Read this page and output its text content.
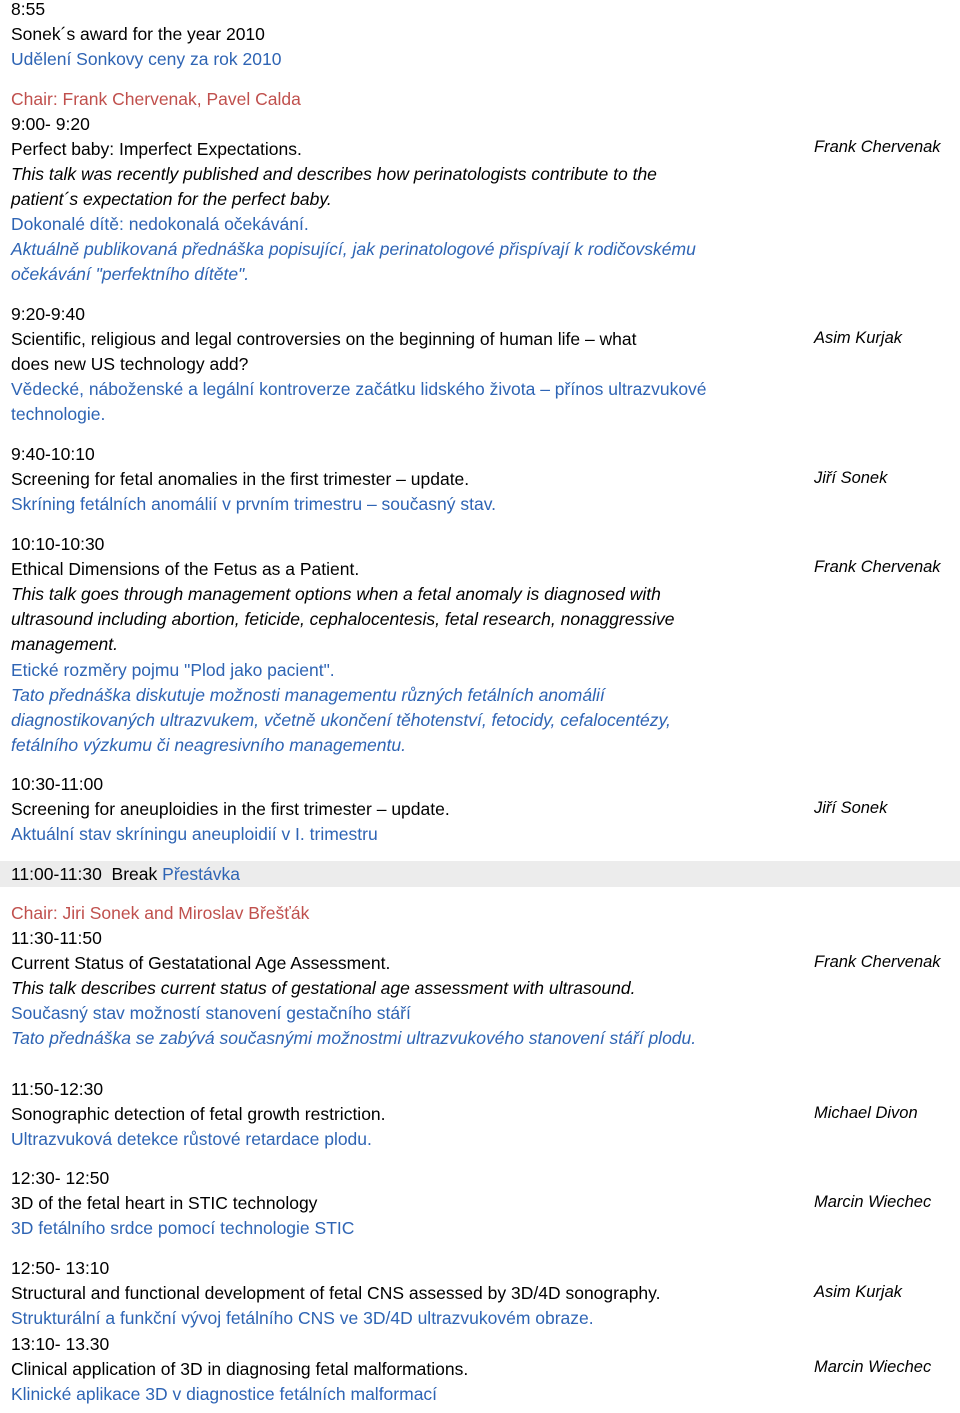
8:55
Sonek´s award for the year 2010
Udělení Sonkovy ceny za rok 2010
Chair: Frank Chervenak, Pavel Calda
9:00- 9:20
Perfect baby: Imperfect Expectations.
This talk was recently published and describes how perinatologists contribute to the
patient´s expectation for the perfect baby.
Dokonalé dítě: nedokonalá očekávání.
Aktuálně publikovaná přednáška popisující, jak perinatologové přispívají k rodičovskému
očekávání "perfektního dítěte".
Frank Chervenak
9:20-9:40
Scientific, religious and legal controversies on the beginning of human life – what
does new US technology add?
Vědecké, náboženské a legální kontroverze začátku lidského života – přínos ultrazvukové
technologie.
Asim Kurjak
9:40-10:10
Screening for fetal anomalies in the first trimester – update.
Skríning fetálních anomálií v prvním trimestru – současný stav.
Jiří Sonek
10:10-10:30
Ethical Dimensions of the Fetus as a Patient.
This talk goes through management options when a fetal anomaly is diagnosed with
ultrasound including abortion, feticide, cephalocentesis, fetal research, nonaggressive
management.
Etické rozměry pojmu "Plod jako pacient".
Tato přednáška diskutuje možnosti managementu různých fetálních anomálií
diagnostikovaných ultrazvukem, včetně ukončení těhotenství, fetocidy, cefalocentézy,
fetálního výzkumu či neagresivního managementu.
Frank Chervenak
10:30-11:00
Screening for aneuploidies in the first trimester – update.
Aktuální stav skríningu aneuploidií v I. trimestru
Jiří Sonek
11:00-11:30  Break Přestávka
Chair: Jiri Sonek and Miroslav Břešťák
11:30-11:50
Current Status of Gestatational Age Assessment.
This talk describes current status of gestational age assessment with ultrasound.
Současný stav možností stanovení gestačního stáří
Tato přednáška se zabývá současnými možnostmi ultrazvukového stanovení stáří plodu.
Frank Chervenak
11:50-12:30
Sonographic detection of fetal growth restriction.
Ultrazvuková detekce růstové retardace plodu.
Michael Divon
12:30- 12:50
3D of the fetal heart in STIC technology
3D fetálního srdce pomocí technologie STIC
Marcin Wiechec
12:50- 13:10
Structural and functional development of fetal CNS assessed by 3D/4D sonography.
Strukturální a funkční vývoj fetálního CNS ve 3D/4D ultrazvukovém obraze.
Asim Kurjak
13:10- 13.30
Clinical application of 3D in diagnosing fetal malformations.
Klinické aplikace 3D v diagnostice fetálních malformací
Marcin Wiechec
